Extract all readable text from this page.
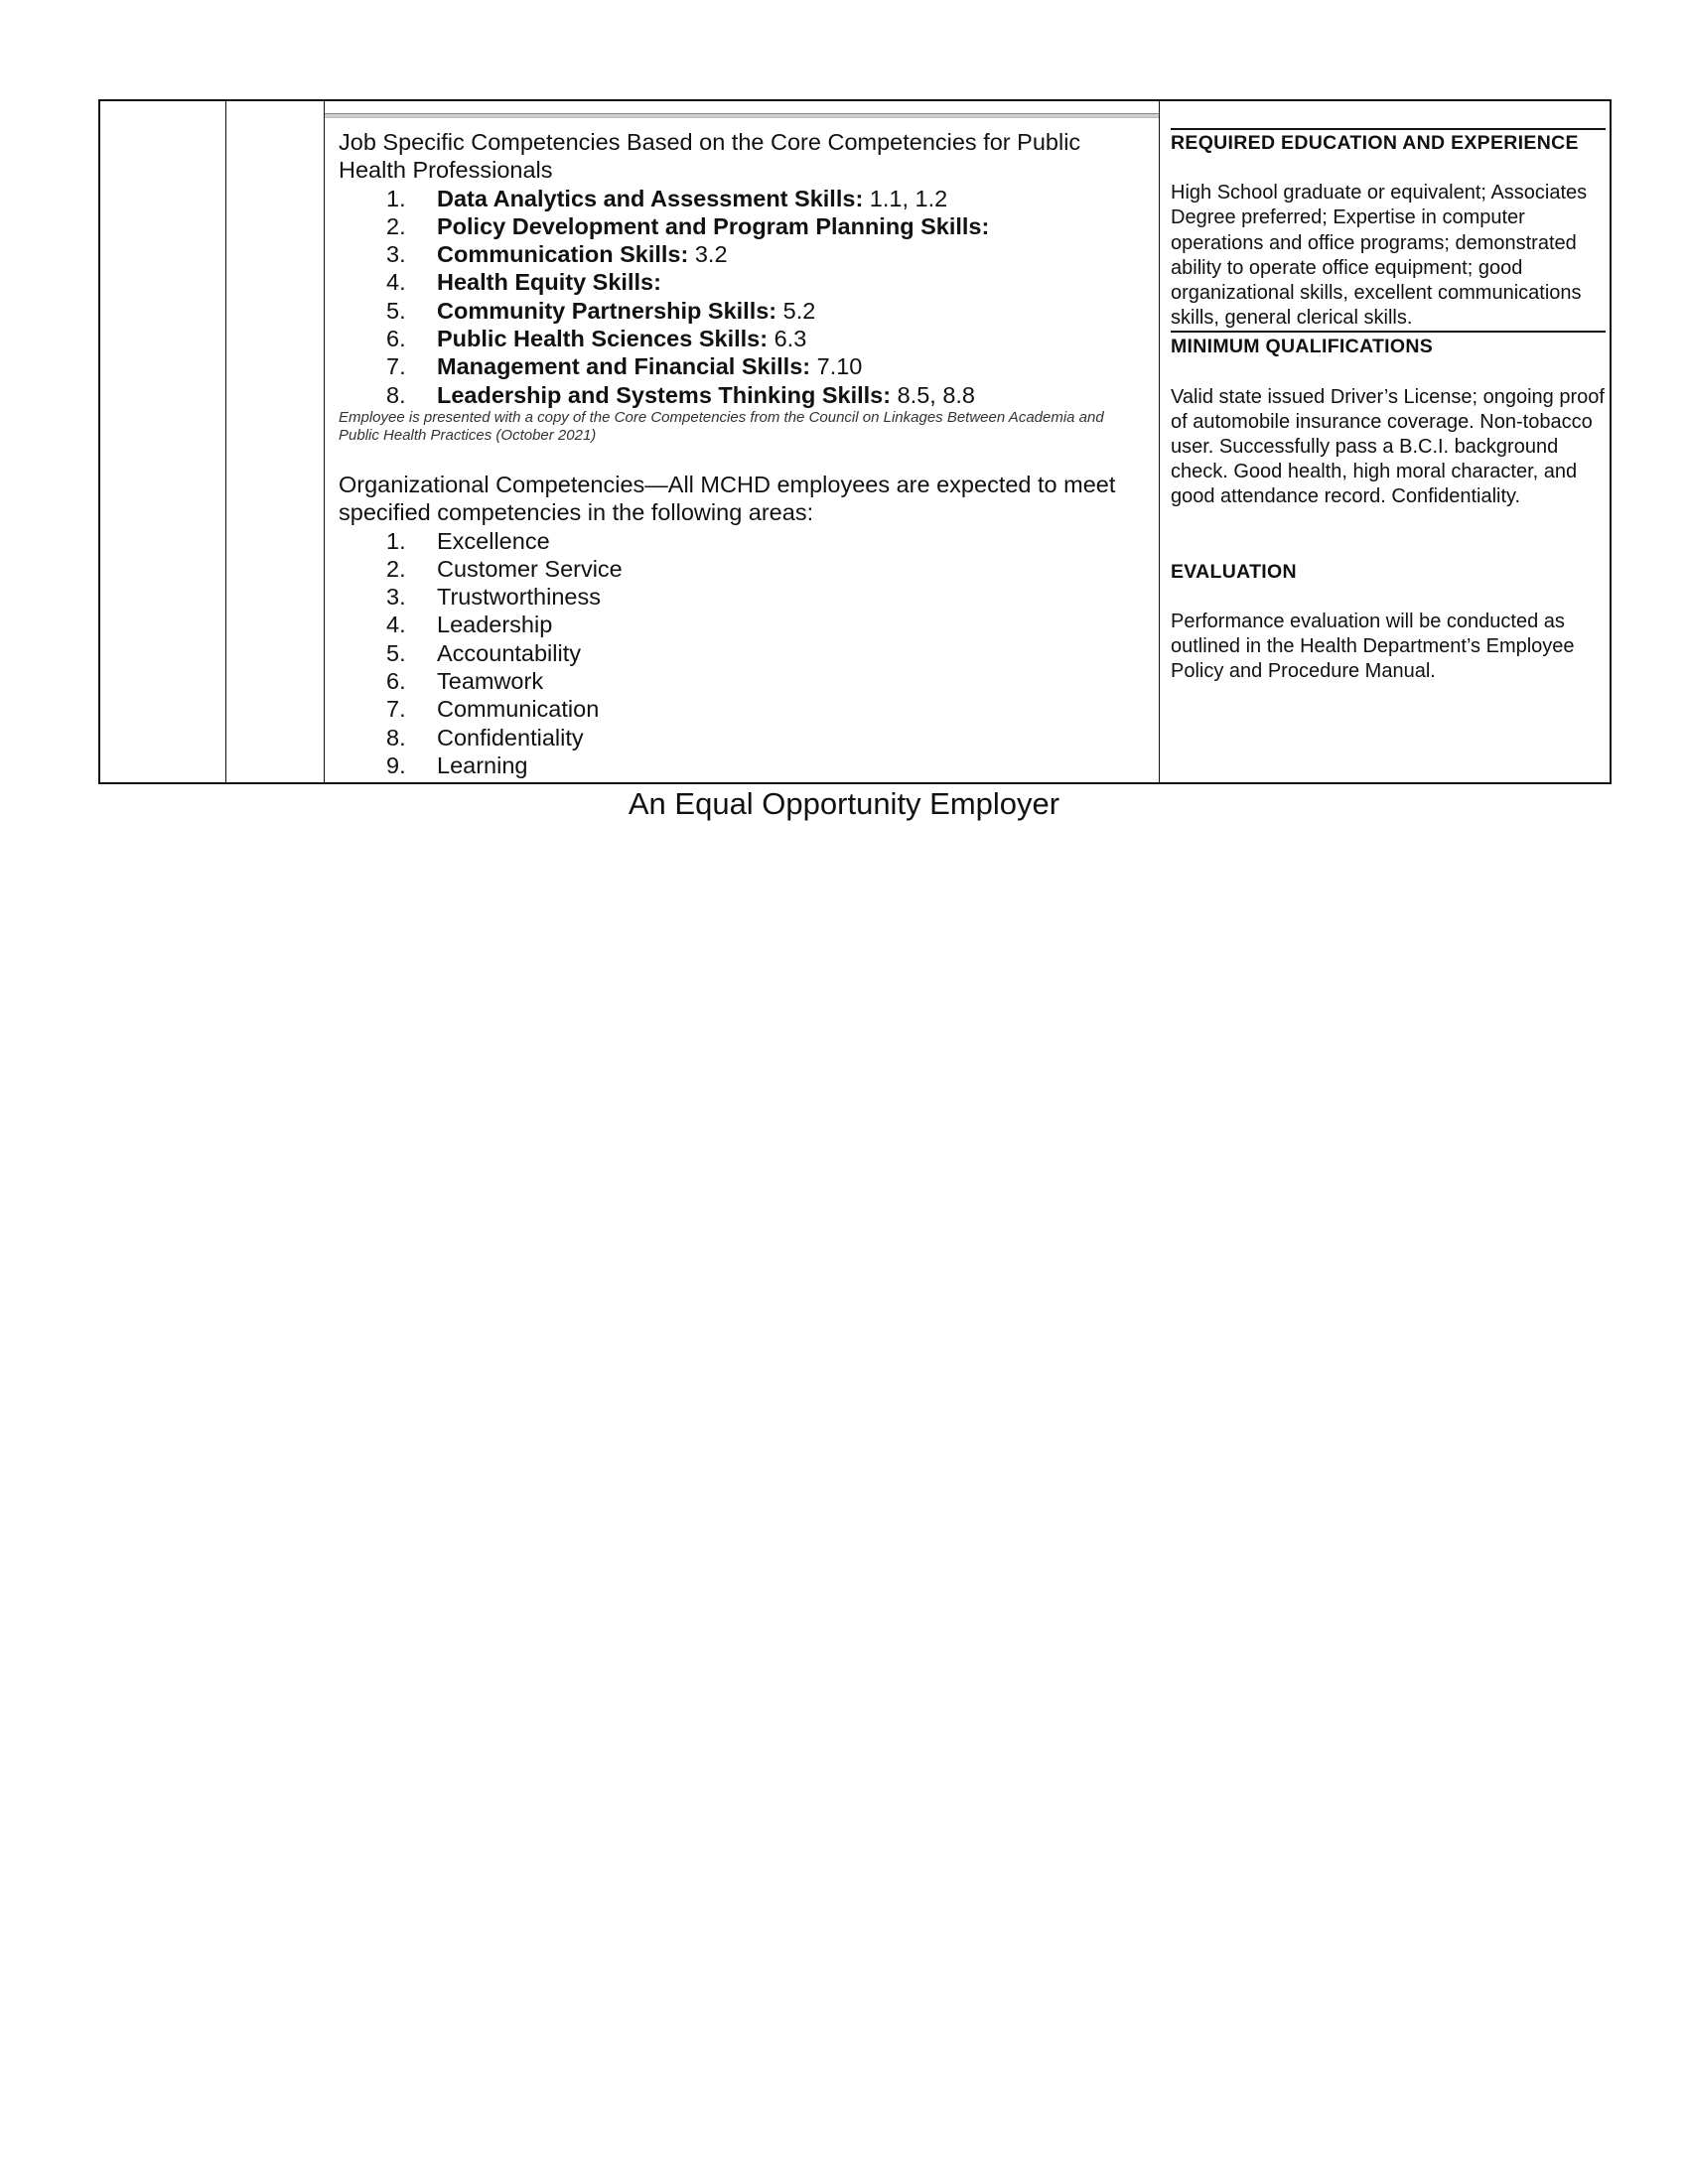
Job Specific Competencies Based on the Core Competencies for Public Health Professionals

1.	Data Analytics and Assessment Skills: 1.1, 1.2
2.	Policy Development and Program Planning Skills:
3.	Communication Skills: 3.2
4.	Health Equity Skills:
5.	Community Partnership Skills: 5.2
6.	Public Health Sciences Skills: 6.3
7.	Management and Financial Skills: 7.10
8.	Leadership and Systems Thinking Skills: 8.5, 8.8

Employee is presented with a copy of the Core Competencies from the Council on Linkages Between Academia and Public Health Practices (October 2021)

Organizational Competencies—All MCHD employees are expected to meet specified competencies in the following areas:

1.	Excellence
2.	Customer Service
3.	Trustworthiness
4.	Leadership
5.	Accountability
6.	Teamwork
7.	Communication
8.	Confidentiality
9.	Learning
REQUIRED EDUCATION AND EXPERIENCE

High School graduate or equivalent; Associates Degree preferred; Expertise in computer operations and office programs; demonstrated ability to operate office equipment; good organizational skills, excellent communications skills, general clerical skills.

MINIMUM QUALIFICATIONS

Valid state issued Driver’s License; ongoing proof of automobile insurance coverage. Non-tobacco user. Successfully pass a B.C.I. background check. Good health, high moral character, and good attendance record. Confidentiality.

EVALUATION

Performance evaluation will be conducted as outlined in the Health Department’s Employee Policy and Procedure Manual.

An Equal Opportunity Employer
